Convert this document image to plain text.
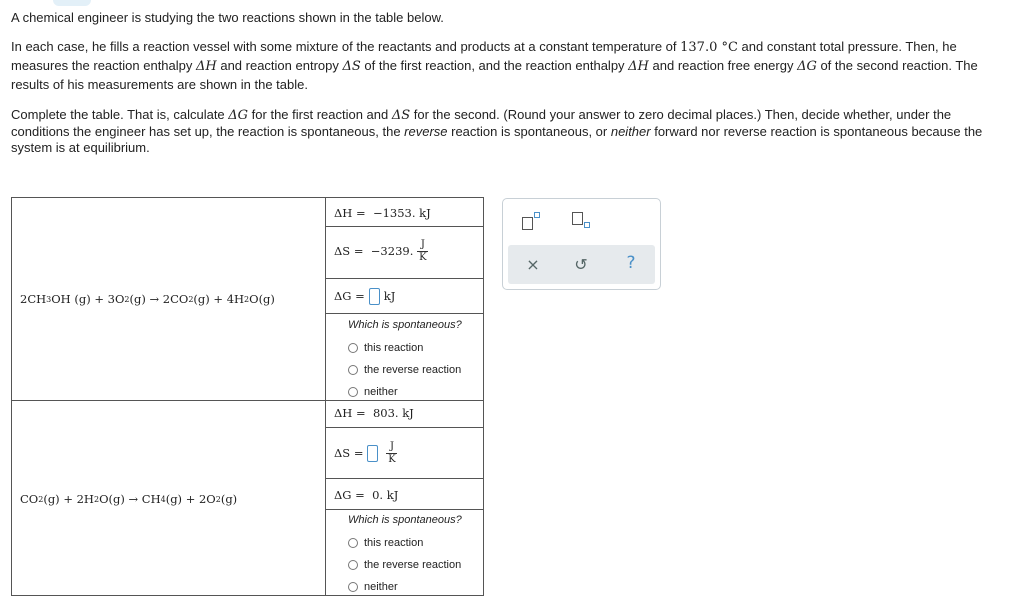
A chemical engineer is studying the two reactions shown in the table below.

In each case, he fills a reaction vessel with some mixture of the reactants and products at a constant temperature of 137.0 °C and constant total pressure. Then, he measures the reaction enthalpy ΔH and reaction entropy ΔS of the first reaction, and the reaction enthalpy ΔH and reaction free energy ΔG of the second reaction. The results of his measurements are shown in the table.

Complete the table. That is, calculate ΔG for the first reaction and ΔS for the second. (Round your answer to zero decimal places.) Then, decide whether, under the conditions the engineer has set up, the reaction is spontaneous, the reverse reaction is spontaneous, or neither forward nor reverse reaction is spontaneous because the system is at equilibrium.

2CH 3 OH (g) + 3O 2 (g) → 2CO 2 (g) + 4H 2 O(g)
ΔH =
−1353. kJ
ΔS =
−3239. $\frac{J}{K}$
ΔG = kJ
Which is spontaneous?
this reaction
the reverse reaction
neither
CO 2 (g) + 2H 2 O(g) → CH 4 (g) + 2O 2 (g)
ΔH =
803. kJ
$\Delta S = \frac{J}{K}$
ΔG =
0. kJ
Which is spontaneous?
this reaction
the reverse reaction
neither
× ↺	?
